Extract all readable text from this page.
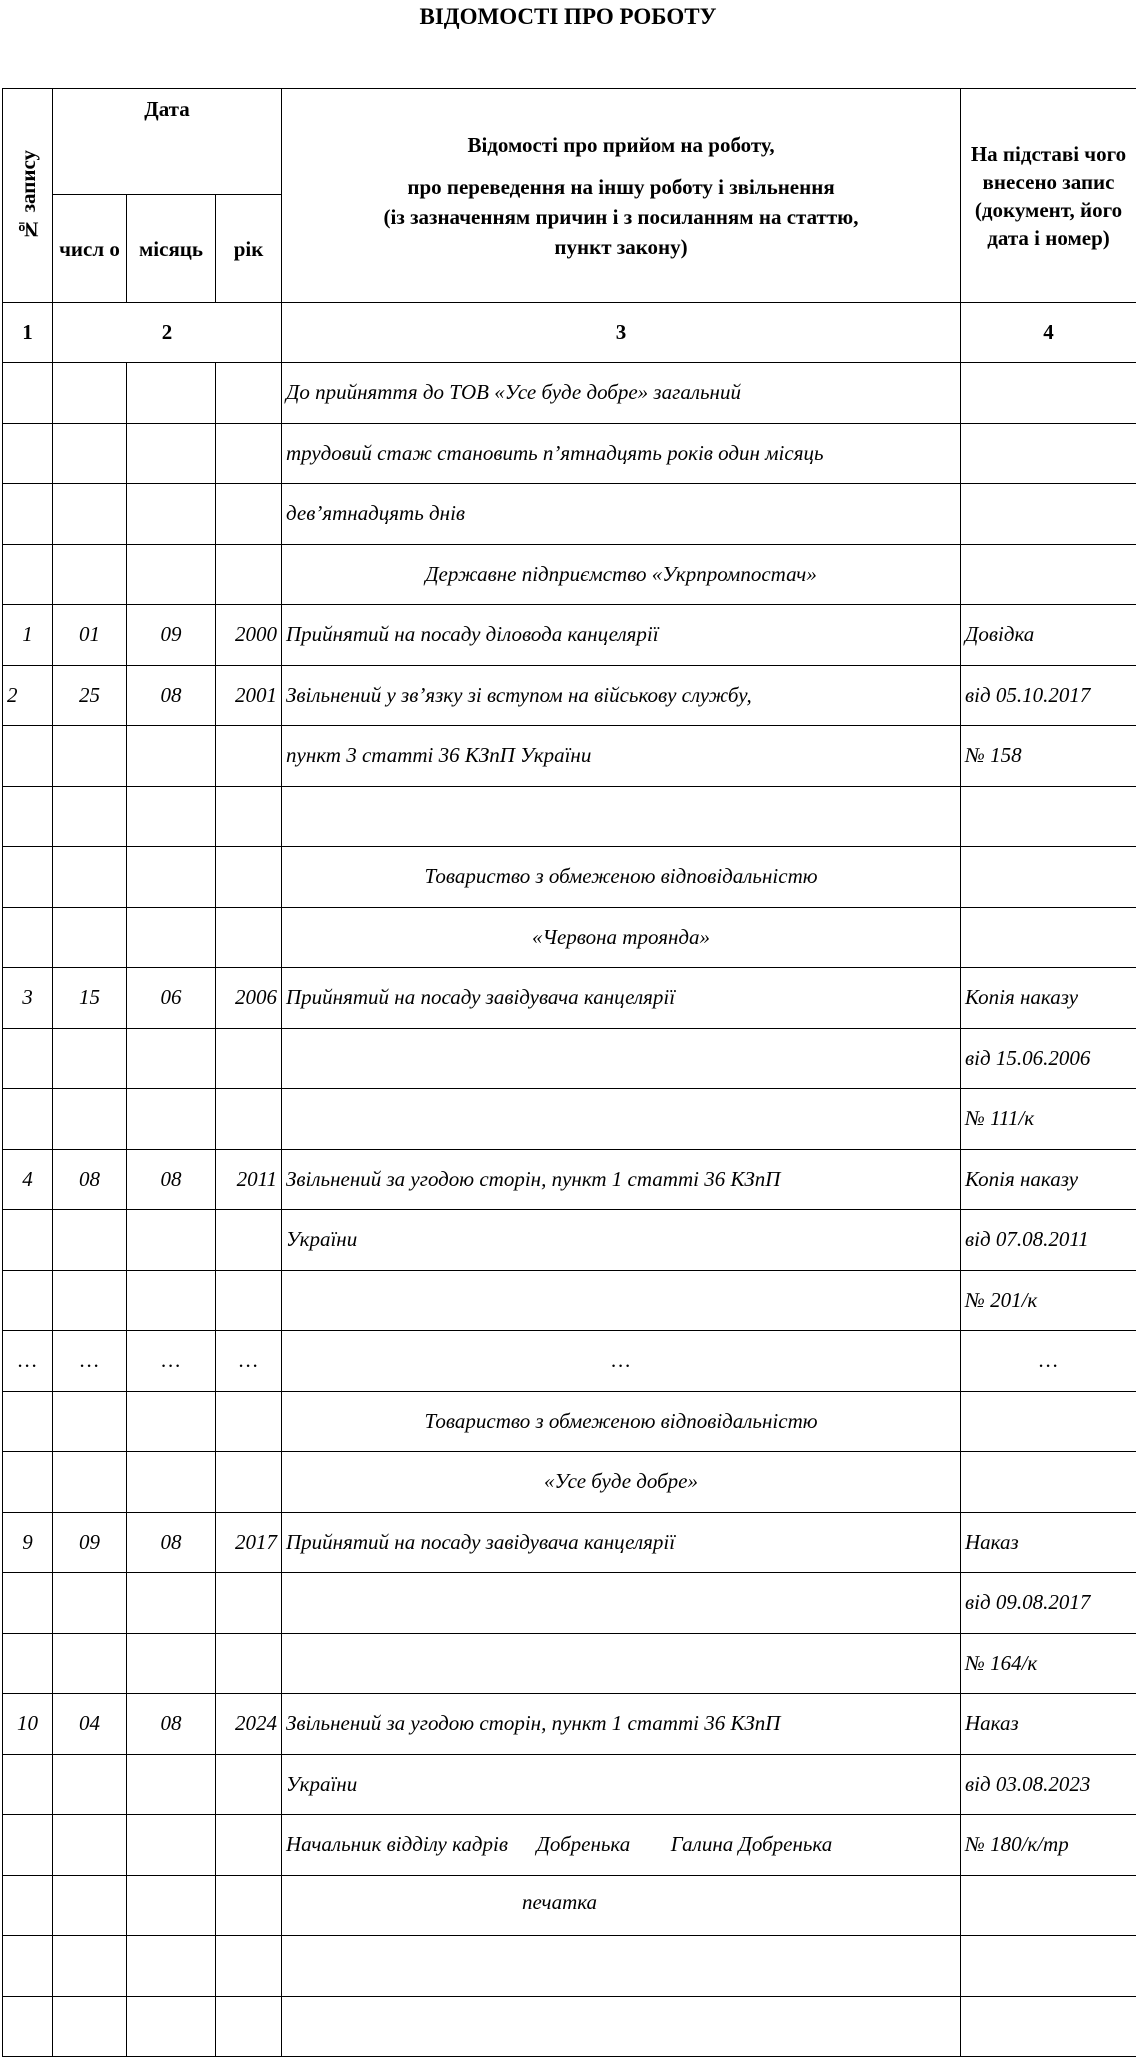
ВІДОМОСТІ ПРО РОБОТУ
№ запису	Дата			Відомості про прийом на роботу,
про переведення на іншу роботу і звільнення
(із зазначенням причин і з посиланням на статтю,
пункт закону)	На підставі чого внесено запис (документ, його дата і номер)
	числ о	місяць	рік		
1	2			3	4
				До прийняття до ТОВ «Усе буде добре» загальний	
				трудовий стаж становить п’ятнадцять років один місяць	
				дев’ятнадцять днів	
				Державне підприємство «Укрпромпостач»	
1	01	09	2000	Прийнятий на посаду діловода канцелярії	Довідка
2	25	08	2001	Звільнений у зв’язку зі вступом на військову службу,	від 05.10.2017
				пункт 3 статті 36 КЗпП України	№ 158

				Товариство з обмеженою відповідальністю	
				«Червона троянда»	
3	15	06	2006	Прийнятий на посаду завідувача канцелярії	Копія наказу
					від 15.06.2006
					№ 111/к
4	08	08	2011	Звільнений за угодою сторін, пункт 1 статті 36 КЗпП	Копія наказу
				України	від 07.08.2011
					№ 201/к
…	…	…	…	…	…
				Товариство з обмеженою відповідальністю	
				«Усе буде добре»	
9	09	08	2017	Прийнятий на посаду завідувача канцелярії	Наказ
					від 09.08.2017
					№ 164/к
10	04	08	2024	Звільнений за угодою сторін, пункт 1 статті 36 КЗпП	Наказ
				України	від 03.08.2023
				Начальник відділу кадрів Добренька Галина Добренька	№ 180/к/тр
				печатка	
